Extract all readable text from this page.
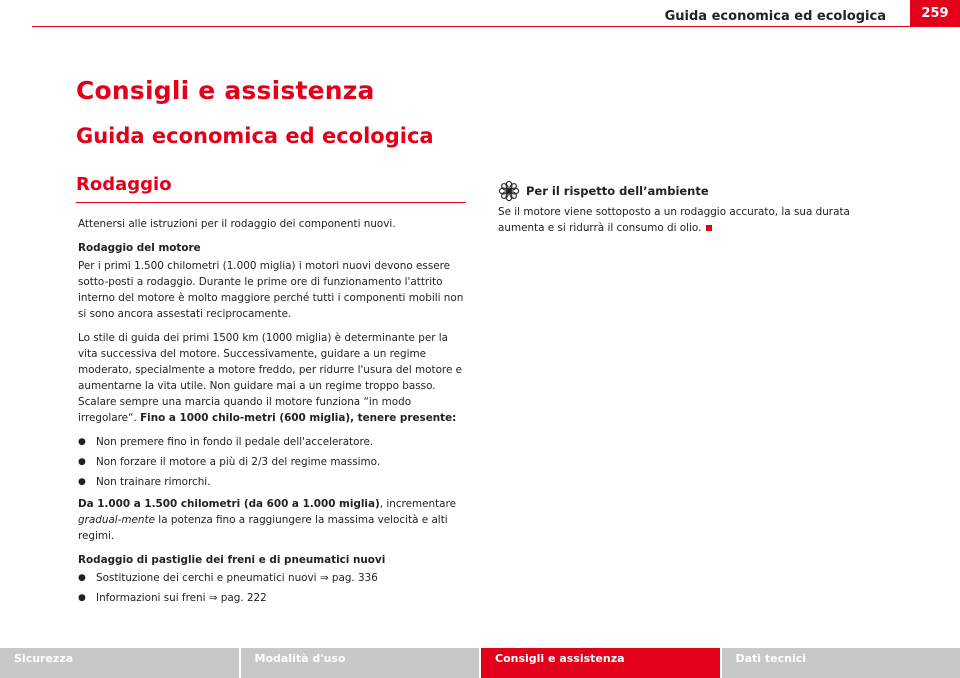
Guida economica ed ecologica	259
Consigli e assistenza
Guida economica ed ecologica
Rodaggio

Attenersi alle istruzioni per il rodaggio dei componenti nuovi.

Rodaggio del motore

Per i primi 1.500 chilometri (1.000 miglia) i motori nuovi devono essere sotto-posti a rodaggio. Durante le prime ore di funzionamento l'attrito interno del motore è molto maggiore perché tutti i componenti mobili non si sono ancora assestati reciprocamente.

Lo stile di guida dei primi 1500 km (1000 miglia) è determinante per la vita successiva del motore. Successivamente, guidare a un regime moderato, specialmente a motore freddo, per ridurre l'usura del motore e aumentarne la vita utile. Non guidare mai a un regime troppo basso. Scalare sempre una marcia quando il motore funziona “in modo irregolare“. Fino a 1000 chilo-metri (600 miglia), tenere presente:

● Non premere fino in fondo il pedale dell'acceleratore.
● Non forzare il motore a più di 2/3 del regime massimo.
● Non trainare rimorchi.

Da 1.000 a 1.500 chilometri (da 600 a 1.000 miglia), incrementare gradual-mente la potenza fino a raggiungere la massima velocità e alti regimi.

Rodaggio di pastiglie dei freni e di pneumatici nuovi

● Sostituzione dei cerchi e pneumatici nuovi ⇒ pag. 336
● Informazioni sui freni ⇒ pag. 222
Per il rispetto dell’ambiente
Se il motore viene sottoposto a un rodaggio accurato, la sua durata aumenta e si ridurrà il consumo di olio.
Sicurezza	Modalità d'uso	Consigli e assistenza	Dati tecnici
